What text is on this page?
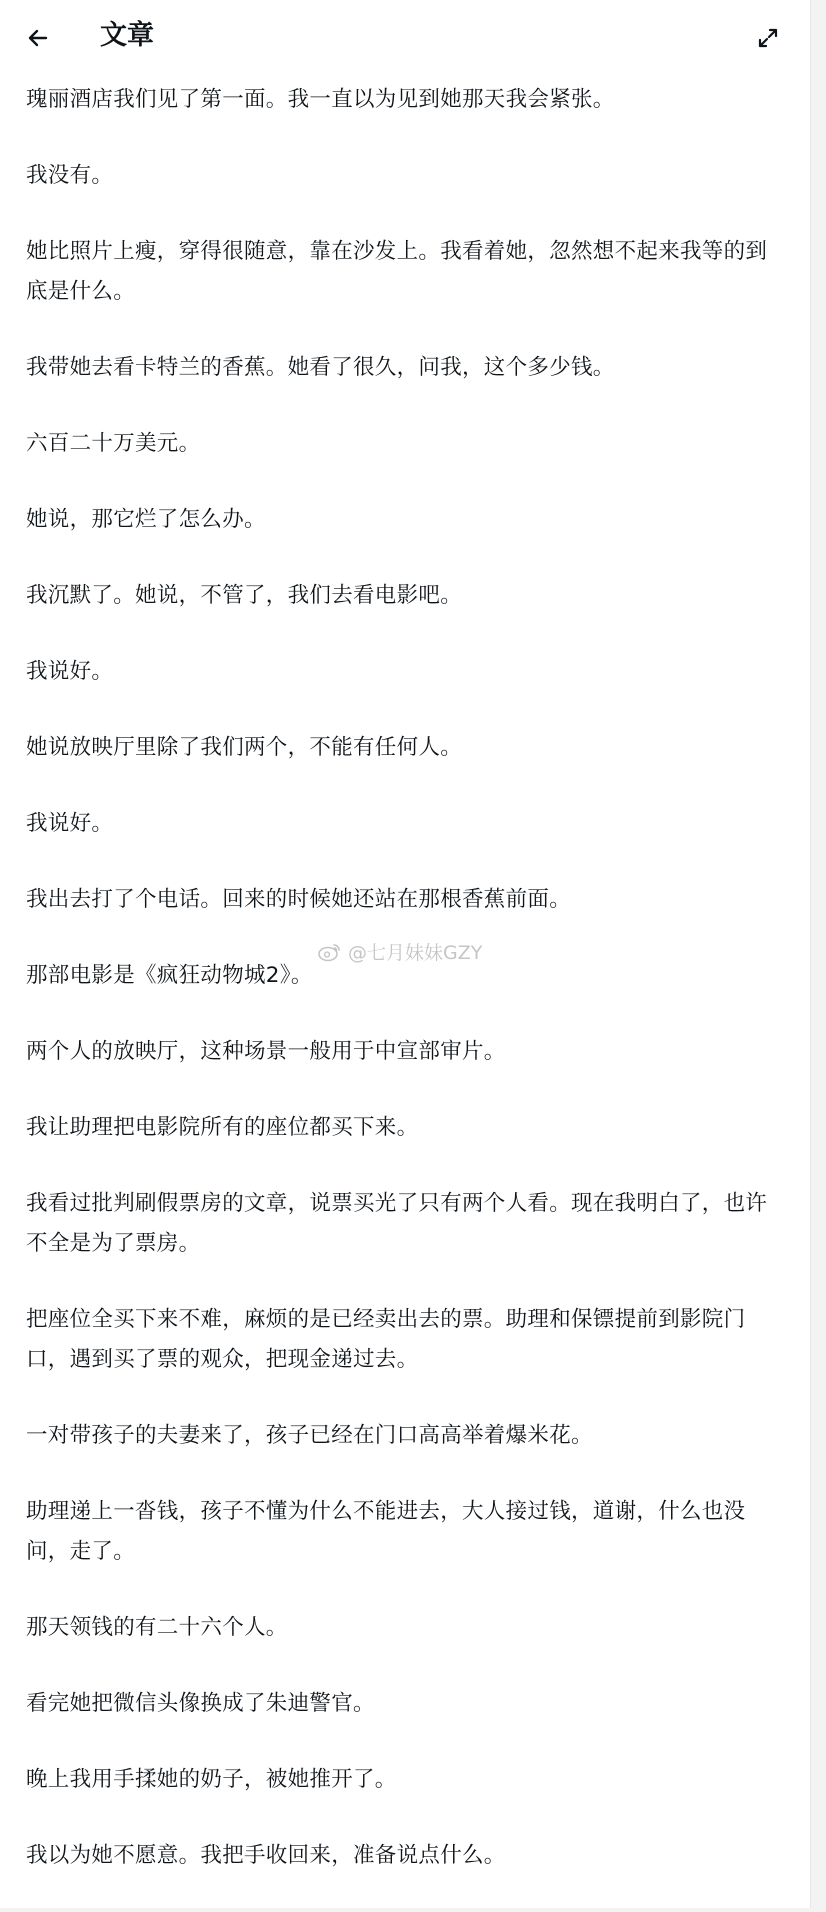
文章

瑰丽酒店我们见了第一面。我一直以为见到她那天我会紧张。

我没有。

她比照片上瘦，穿得很随意，靠在沙发上。我看着她，忽然想不起来我等的到底是什么。

我带她去看卡特兰的香蕉。她看了很久，问我，这个多少钱。

六百二十万美元。

她说，那它烂了怎么办。

我沉默了。她说，不管了，我们去看电影吧。

我说好。

她说放映厅里除了我们两个，不能有任何人。

我说好。

我出去打了个电话。回来的时候她还站在那根香蕉前面。

那部电影是《疯狂动物城2》。

两个人的放映厅，这种场景一般用于中宣部审片。

我让助理把电影院所有的座位都买下来。

我看过批判刷假票房的文章，说票买光了只有两个人看。现在我明白了，也许不全是为了票房。

把座位全买下来不难，麻烦的是已经卖出去的票。助理和保镖提前到影院门口，遇到买了票的观众，把现金递过去。

一对带孩子的夫妻来了，孩子已经在门口高高举着爆米花。

助理递上一沓钱，孩子不懂为什么不能进去，大人接过钱，道谢，什么也没问，走了。

那天领钱的有二十六个人。

看完她把微信头像换成了朱迪警官。

晚上我用手揉她的奶子，被她推开了。

我以为她不愿意。我把手收回来，准备说点什么。

@七月妹妹GZY
